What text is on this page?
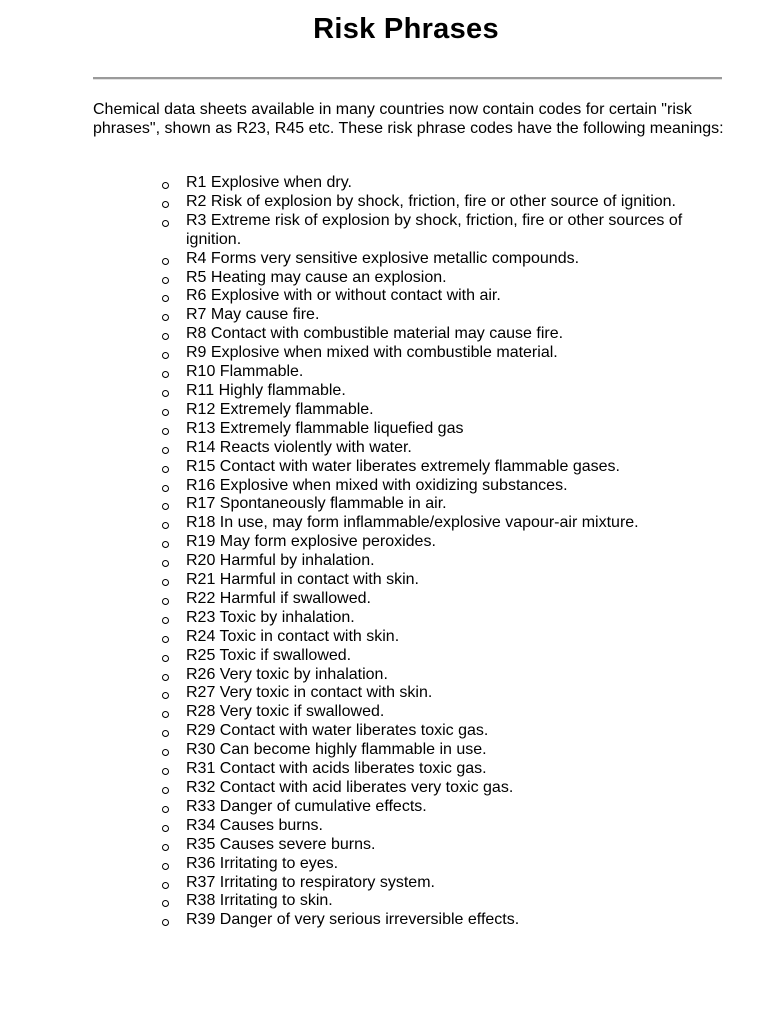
Risk Phrases

Chemical data sheets available in many countries now contain codes for certain "risk phrases", shown as R23, R45 etc. These risk phrase codes have the following meanings:

R1 Explosive when dry.
R2 Risk of explosion by shock, friction, fire or other source of ignition.
R3 Extreme risk of explosion by shock, friction, fire or other sources of ignition.
R4 Forms very sensitive explosive metallic compounds.
R5 Heating may cause an explosion.
R6 Explosive with or without contact with air.
R7 May cause fire.
R8 Contact with combustible material may cause fire.
R9 Explosive when mixed with combustible material.
R10 Flammable.
R11 Highly flammable.
R12 Extremely flammable.
R13 Extremely flammable liquefied gas
R14 Reacts violently with water.
R15 Contact with water liberates extremely flammable gases.
R16 Explosive when mixed with oxidizing substances.
R17 Spontaneously flammable in air.
R18 In use, may form inflammable/explosive vapour-air mixture.
R19 May form explosive peroxides.
R20 Harmful by inhalation.
R21 Harmful in contact with skin.
R22 Harmful if swallowed.
R23 Toxic by inhalation.
R24 Toxic in contact with skin.
R25 Toxic if swallowed.
R26 Very toxic by inhalation.
R27 Very toxic in contact with skin.
R28 Very toxic if swallowed.
R29 Contact with water liberates toxic gas.
R30 Can become highly flammable in use.
R31 Contact with acids liberates toxic gas.
R32 Contact with acid liberates very toxic gas.
R33 Danger of cumulative effects.
R34 Causes burns.
R35 Causes severe burns.
R36 Irritating to eyes.
R37 Irritating to respiratory system.
R38 Irritating to skin.
R39 Danger of very serious irreversible effects.
